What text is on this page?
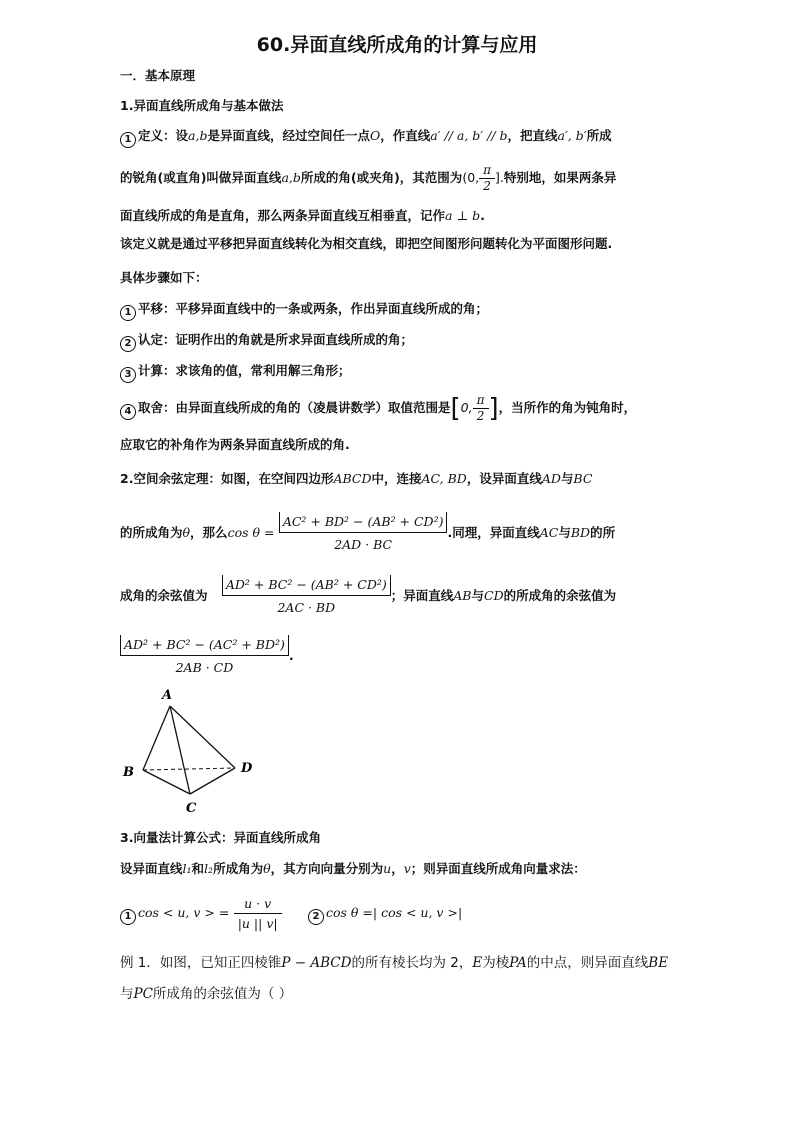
60.异面直线所成角的计算与应用
一．基本原理
1.异面直线所成角与基本做法
1 定义：设a,b是异面直线，经过空间任一点O，作直线a′ // a, b′ // b，把直线a′, b′所成
的锐角(或直角)叫做异面直线a,b所成的角(或夹角)，其范围为(0, $\frac{\pi}{2}$ ].特别地，如果两条异
面直线所成的角是直角，那么两条异面直线互相垂直，记作a ⊥ b.
该定义就是通过平移把异面直线转化为相交直线，即把空间图形问题转化为平面图形问题.
具体步骤如下：
1 平移：平移异面直线中的一条或两条，作出异面直线所成的角；
2 认定：证明作出的角就是所求异面直线所成的角；
3 计算：求该角的值，常利用解三角形；
4 取舍：由异面直线所成的角的（凌晨讲数学）取值范围是[0, $\frac{\pi}{2}$ ]，当所作的角为钝角时，
应取它的补角作为两条异面直线所成的角.
2.空间余弦定理：如图，在空间四边形ABCD中，连接AC, BD，设异面直线AD与BC
的所成角为θ，那么$\cos \theta = \frac{\text{AC² + BD² − (AB² + CD²)}}{2AD \cdot BC}$ .同理，异面直线AC与BD的所
成角的余弦值为 $\frac{\text{AD² + BC² − (AB² + CD²)}}{2AC \cdot BD}$ ；异面直线AB与CD的所成角的余弦值为
$\frac{\text{AD² + BC² − (AC² + BD²)}}{2AB \cdot CD}$ .
A
B
C
D
3.向量法计算公式：异面直线所成角
设异面直线l₁和l₂所成角为θ，其方向向量分别为u，v；则异面直线所成角向量求法：
1 cos < u, v > = $\frac{u \cdot v}{|u || v|}$	2 cos θ =| cos < u, v >|
例 1．如图，已知正四棱锥P − ABCD的所有棱长均为 2，E为棱PA的中点，则异面直线BE
与PC所成角的余弦值为（ ）
